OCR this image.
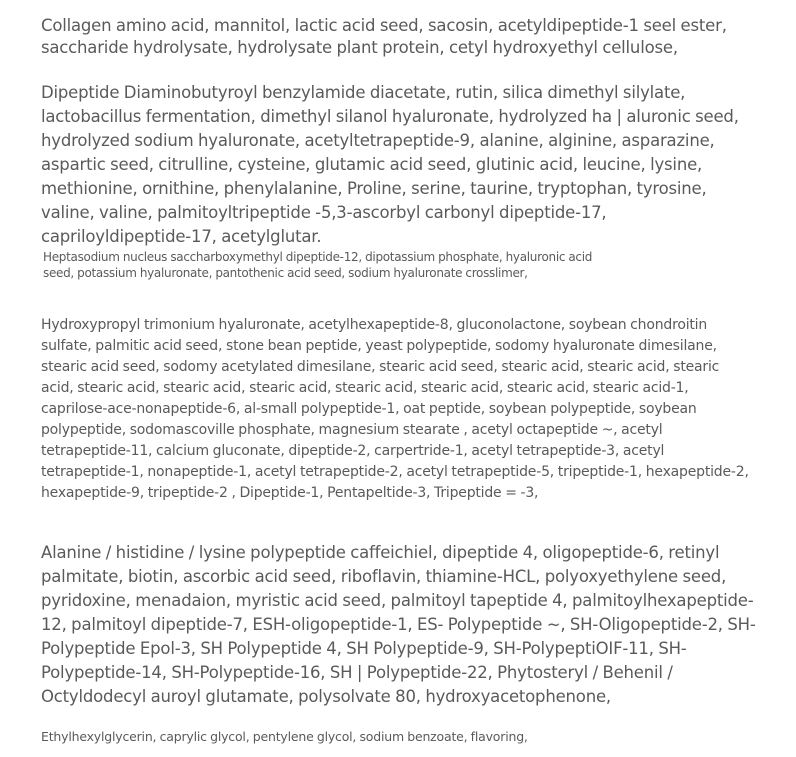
Collagen amino acid, mannitol, lactic acid seed, sacosin, acetyldipeptide-1 seel ester, saccharide hydrolysate, hydrolysate plant protein, cetyl hydroxyethyl cellulose,

Dipeptide Diaminobutyroyl benzylamide diacetate, rutin, silica dimethyl silylate, lactobacillus fermentation, dimethyl silanol hyaluronate, hydrolyzed ha | aluronic seed, hydrolyzed sodium hyaluronate, acetyltetrapeptide-9, alanine, alginine, asparazine, aspartic seed, citrulline, cysteine, glutamic acid seed, glutinic acid, leucine, lysine, methionine, ornithine, phenylalanine, Proline, serine, taurine, tryptophan, tyrosine, valine, valine, palmitoyltripeptide -5,3-ascorbyl carbonyl dipeptide-17, capriloyldipeptide-17, acetylglutar.

Heptasodium nucleus saccharboxymethyl dipeptide-12, dipotassium phosphate, hyaluronic acid seed, potassium hyaluronate, pantothenic acid seed, sodium hyaluronate crosslimer,

Hydroxypropyl trimonium hyaluronate, acetylhexapeptide-8, gluconolactone, soybean chondroitin sulfate, palmitic acid seed, stone bean peptide, yeast polypeptide, sodomy hyaluronate dimesilane, stearic acid seed, sodomy acetylated dimesilane, stearic acid seed, stearic acid, stearic acid, stearic acid, stearic acid, stearic acid, stearic acid, stearic acid, stearic acid, stearic acid, stearic acid-1, caprilose-ace-nonapeptide-6, al-small polypeptide-1, oat peptide, soybean polypeptide, soybean polypeptide, sodomascoville phosphate, magnesium stearate , acetyl octapeptide ~, acetyl tetrapeptide-11, calcium gluconate, dipeptide-2, carpertride-1, acetyl tetrapeptide-3, acetyl tetrapeptide-1, nonapeptide-1, acetyl tetrapeptide-2, acetyl tetrapeptide-5, tripeptide-1, hexapeptide-2, hexapeptide-9, tripeptide-2 , Dipeptide-1, Pentapeltide-3, Tripeptide = -3,

Alanine / histidine / lysine polypeptide caffeichiel, dipeptide 4, oligopeptide-6, retinyl palmitate, biotin, ascorbic acid seed, riboflavin, thiamine-HCL, polyoxyethylene seed, pyridoxine, menadaion, myristic acid seed, palmitoyl tapeptide 4, palmitoylhexapeptide-12, palmitoyl dipeptide-7, ESH-oligopeptide-1, ES- Polypeptide ~, SH-Oligopeptide-2, SH-Polypeptide Epol-3, SH Polypeptide 4, SH Polypeptide-9, SH-PolypeptiOIF-11, SH-Polypeptide-14, SH-Polypeptide-16, SH | Polypeptide-22, Phytosteryl / Behenil / Octyldodecyl auroyl glutamate, polysolvate 80, hydroxyacetophenone,

Ethylhexylglycerin, caprylic glycol, pentylene glycol, sodium benzoate, flavoring,
